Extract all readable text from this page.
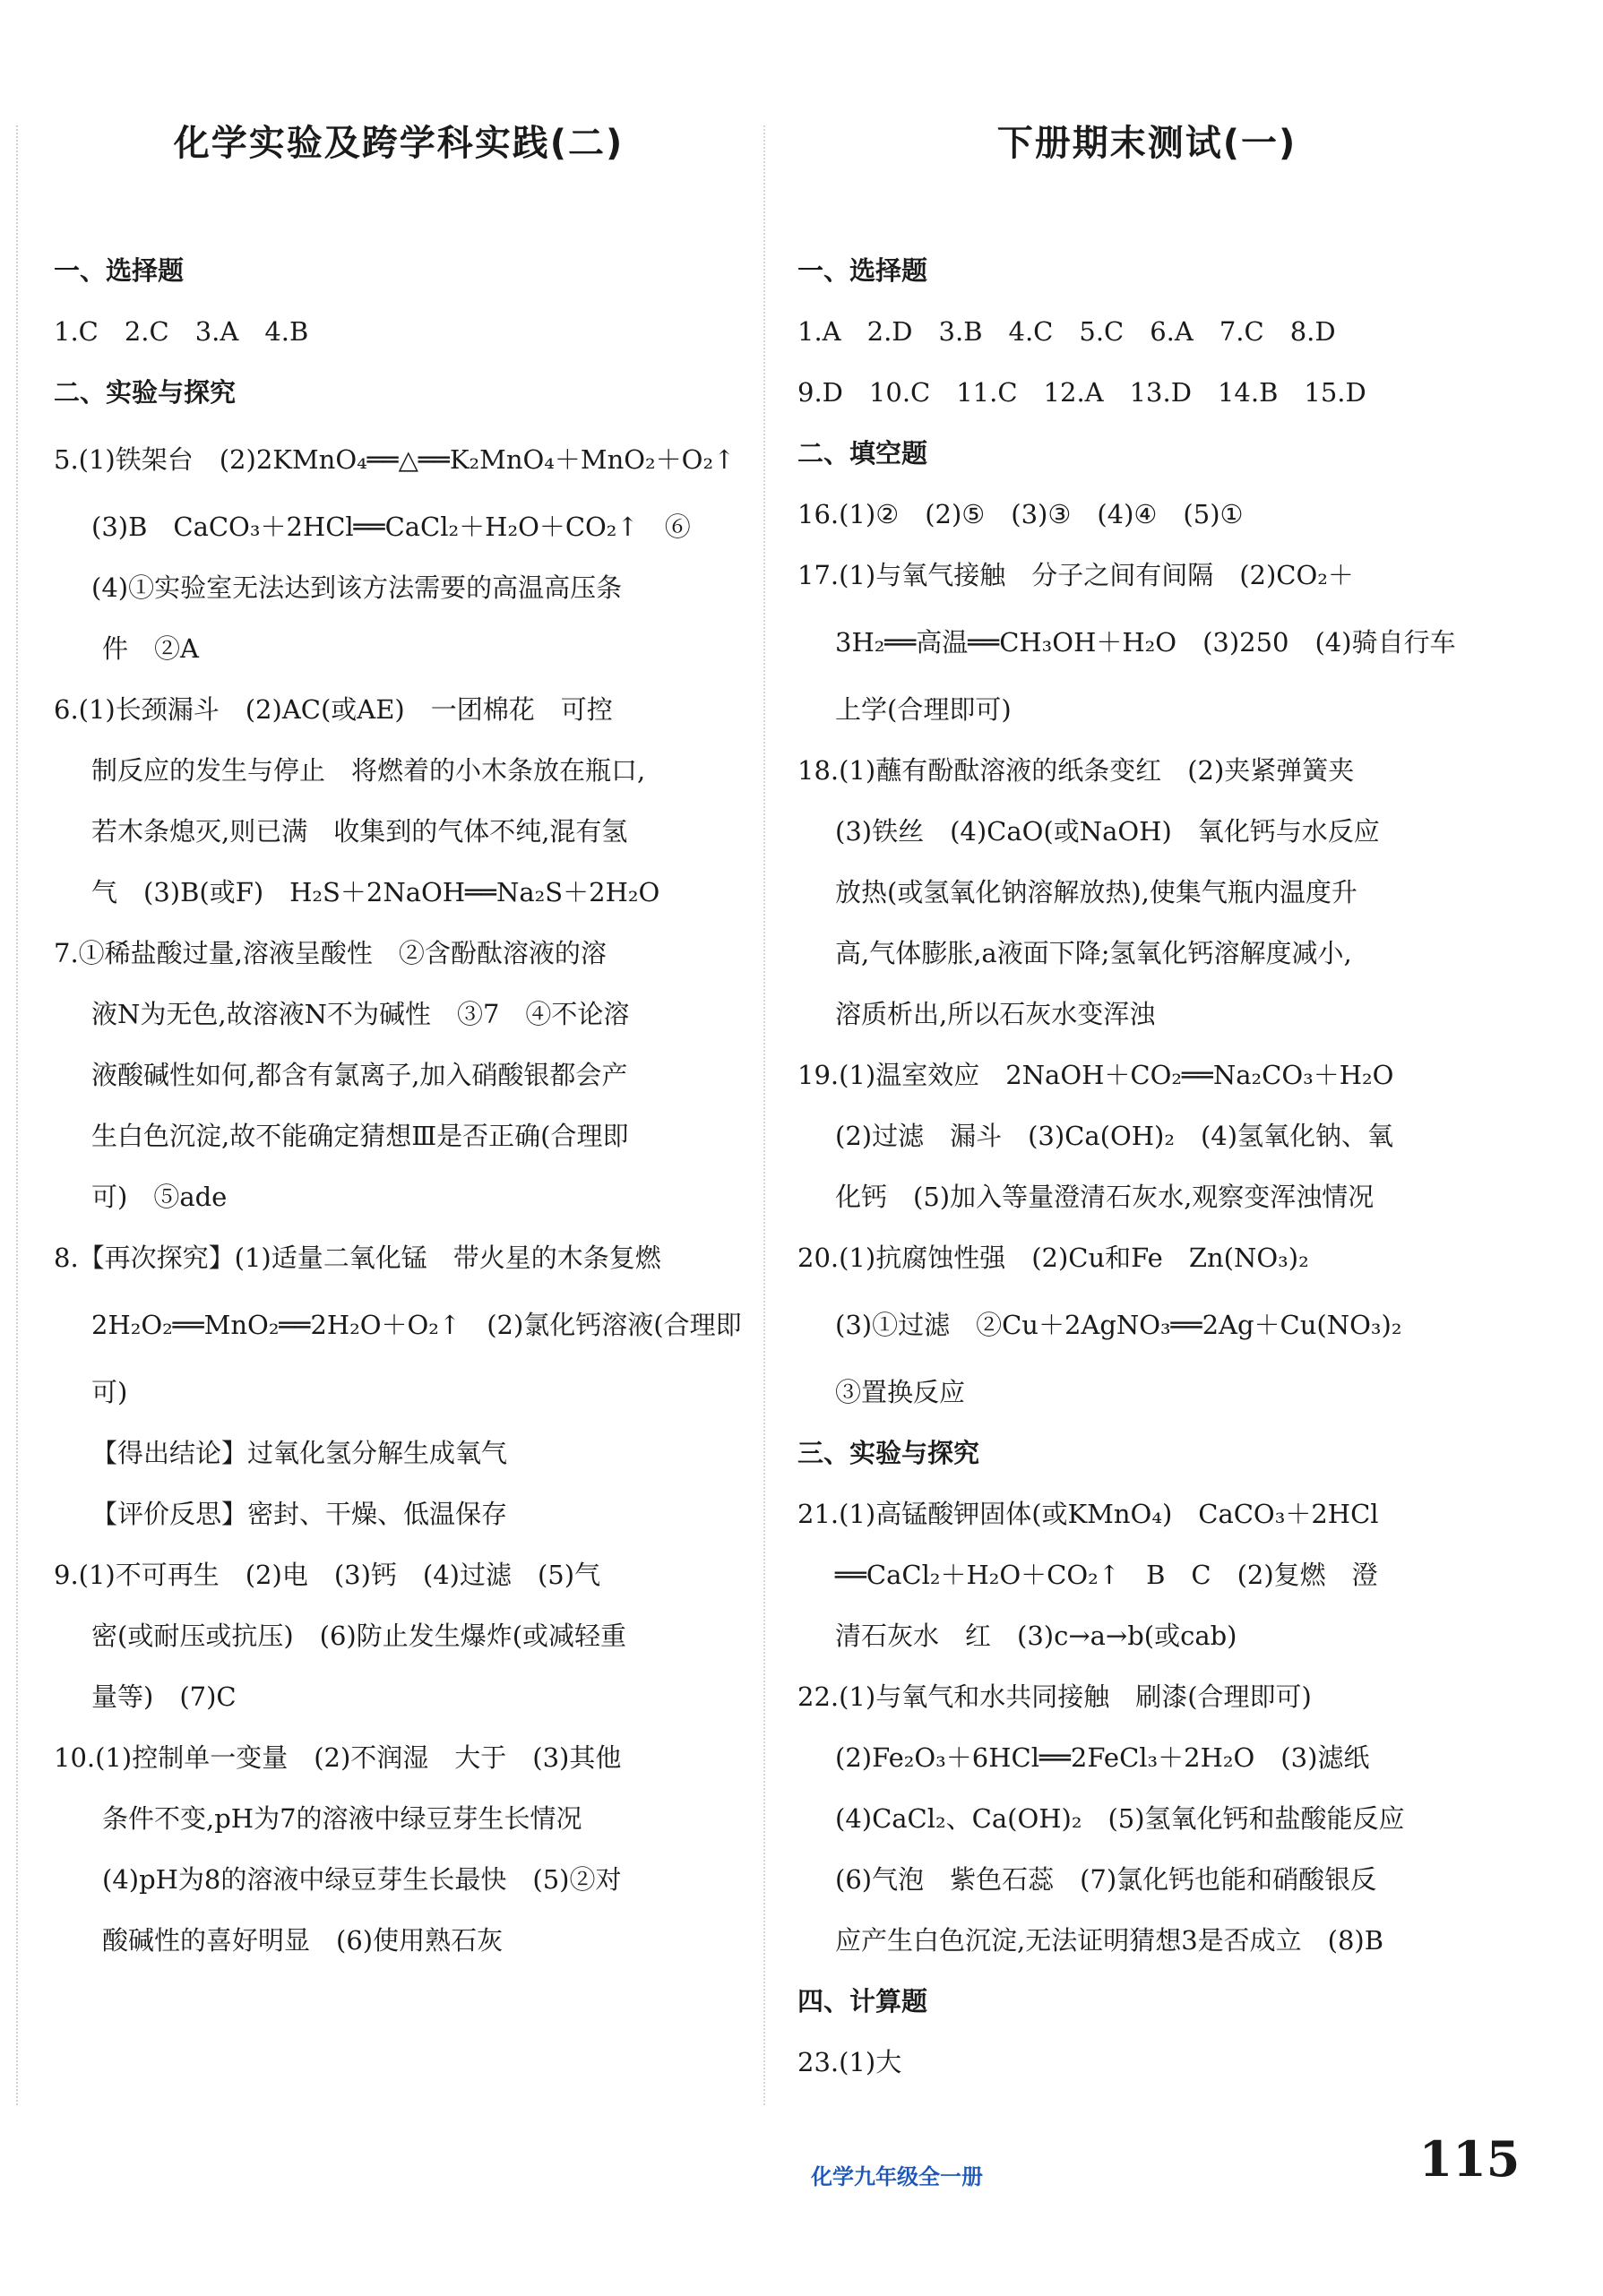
化学实验及跨学科实践(二)
一、选择题
1.C　2.C　3.A　4.B
二、实验与探究
5.(1)铁架台　(2)2KMnO₄══△══K₂MnO₄＋MnO₂＋O₂↑
(3)B　CaCO₃＋2HCl══CaCl₂＋H₂O＋CO₂↑　⑥
(4)①实验室无法达到该方法需要的高温高压条
件　②A
6.(1)长颈漏斗　(2)AC(或AE)　一团棉花　可控
制反应的发生与停止　将燃着的小木条放在瓶口,
若木条熄灭,则已满　收集到的气体不纯,混有氢
气　(3)B(或F)　H₂S＋2NaOH══Na₂S＋2H₂O
7.①稀盐酸过量,溶液呈酸性　②含酚酞溶液的溶
液N为无色,故溶液N不为碱性　③7　④不论溶
液酸碱性如何,都含有氯离子,加入硝酸银都会产
生白色沉淀,故不能确定猜想Ⅲ是否正确(合理即
可)　⑤ade
8.【再次探究】(1)适量二氧化锰　带火星的木条复燃
2H₂O₂══MnO₂══2H₂O＋O₂↑　(2)氯化钙溶液(合理即
可)
【得出结论】过氧化氢分解生成氧气
【评价反思】密封、干燥、低温保存
9.(1)不可再生　(2)电　(3)钙　(4)过滤　(5)气
密(或耐压或抗压)　(6)防止发生爆炸(或减轻重
量等)　(7)C
10.(1)控制单一变量　(2)不润湿　大于　(3)其他
条件不变,pH为7的溶液中绿豆芽生长情况
(4)pH为8的溶液中绿豆芽生长最快　(5)②对
酸碱性的喜好明显　(6)使用熟石灰
下册期末测试(一)
一、选择题
1.A　2.D　3.B　4.C　5.C　6.A　7.C　8.D
9.D　10.C　11.C　12.A　13.D　14.B　15.D
二、填空题
16.(1)②　(2)⑤　(3)③　(4)④　(5)①
17.(1)与氧气接触　分子之间有间隔　(2)CO₂＋
3H₂══高温══CH₃OH＋H₂O　(3)250　(4)骑自行车
上学(合理即可)
18.(1)蘸有酚酞溶液的纸条变红　(2)夹紧弹簧夹
(3)铁丝　(4)CaO(或NaOH)　氧化钙与水反应
放热(或氢氧化钠溶解放热),使集气瓶内温度升
高,气体膨胀,a液面下降;氢氧化钙溶解度减小,
溶质析出,所以石灰水变浑浊
19.(1)温室效应　2NaOH＋CO₂══Na₂CO₃＋H₂O
(2)过滤　漏斗　(3)Ca(OH)₂　(4)氢氧化钠、氧
化钙　(5)加入等量澄清石灰水,观察变浑浊情况
20.(1)抗腐蚀性强　(2)Cu和Fe　Zn(NO₃)₂
(3)①过滤　②Cu＋2AgNO₃══2Ag＋Cu(NO₃)₂
③置换反应
三、实验与探究
21.(1)高锰酸钾固体(或KMnO₄)　CaCO₃＋2HCl
══CaCl₂＋H₂O＋CO₂↑　B　C　(2)复燃　澄
清石灰水　红　(3)c→a→b(或cab)
22.(1)与氧气和水共同接触　刷漆(合理即可)
(2)Fe₂O₃＋6HCl══2FeCl₃＋2H₂O　(3)滤纸
(4)CaCl₂、Ca(OH)₂　(5)氢氧化钙和盐酸能反应
(6)气泡　紫色石蕊　(7)氯化钙也能和硝酸银反
应产生白色沉淀,无法证明猜想3是否成立　(8)B
四、计算题
23.(1)大
化学九年级全一册	115
